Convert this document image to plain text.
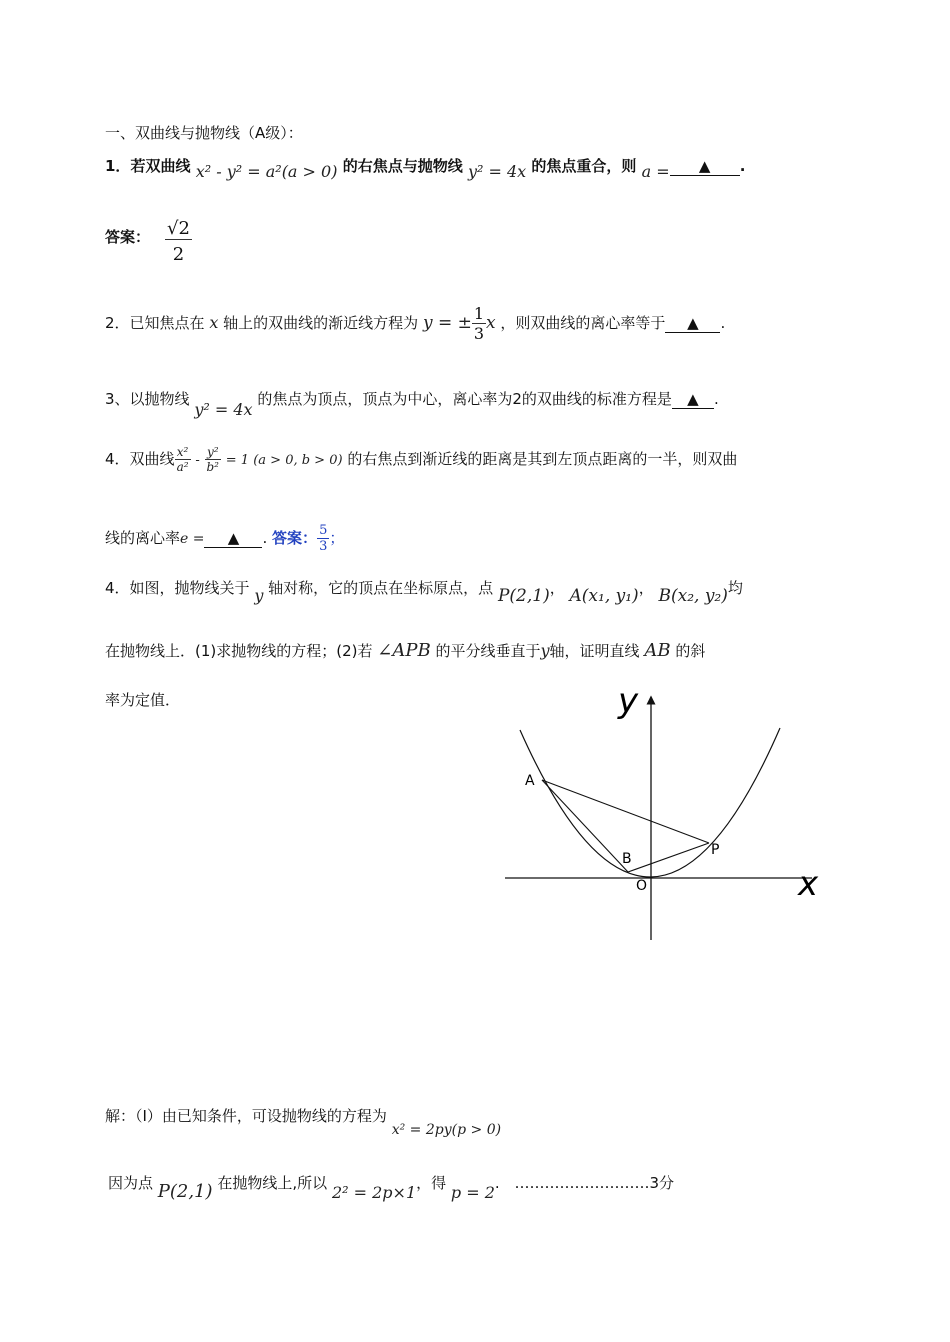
一、双曲线与抛物线（A级）：
1．若双曲线 x² - y² = a²(a > 0) 的右焦点与抛物线 y² = 4x 的焦点重合，则 a = ▲ .
答案： $\frac{√2}{2}$
2．已知焦点在 x 轴上的双曲线的渐近线方程为 y = ± $\frac{1}{3}$ x ，则双曲线的离心率等于 ▲ .
3、以抛物线 y² = 4x 的焦点为顶点，顶点为中心，离心率为2的双曲线的标准方程是 ▲ .
4．双曲线 $\frac{\text{x²}}{\text{a²}} - \frac{\text{y²}}{\text{b²}} = 1$ (a > 0, b > 0) 的右焦点到渐近线的距离是其到左顶点距离的一半，则双曲
线的离心率e = ▲ . 答案： $\frac{5}{3}$ ；
4．如图，抛物线关于 y 轴对称，它的顶点在坐标原点，点 P(2,1)， A(x₁, y₁)， B(x₂, y₂)均
在抛物线上．(1)求抛物线的方程；(2)若 ∠APB 的平分线垂直于y轴，证明直线 AB 的斜
率为定值．	y
x
A
B
P
O
解：（I）由已知条件，可设抛物线的方程为 x² = 2py(p > 0)
因为点 P(2,1) 在抛物线上,所以 2² = 2p×1，得 p = 2. ………………………3分
